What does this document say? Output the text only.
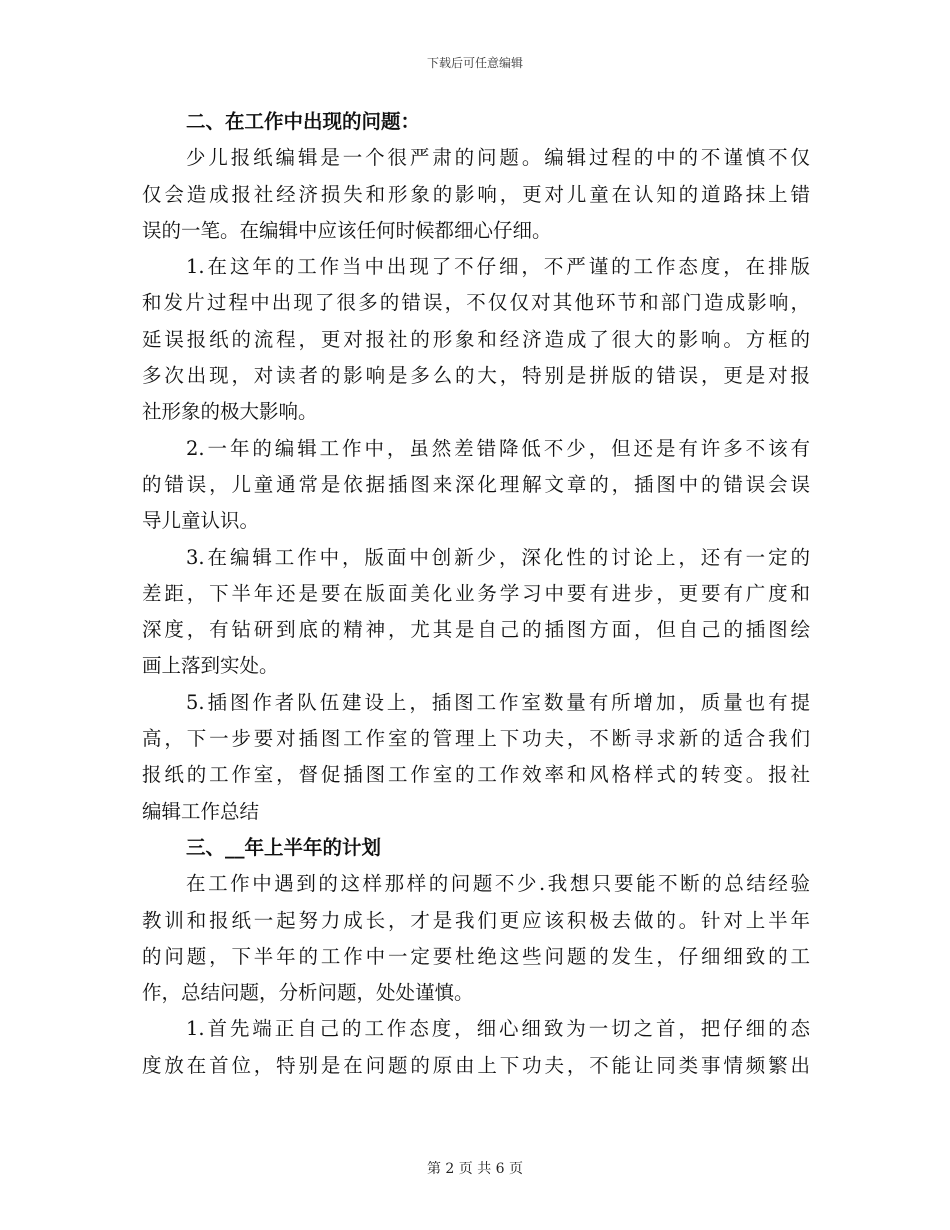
下载后可任意编辑
二、在工作中出现的问题：
少儿报纸编辑是一个很严肃的问题。编辑过程的中的不谨慎不仅
仅会造成报社经济损失和形象的影响，更对儿童在认知的道路抹上错
误的一笔。在编辑中应该任何时候都细心仔细。
1.在这年的工作当中出现了不仔细，不严谨的工作态度，在排版
和发片过程中出现了很多的错误，不仅仅对其他环节和部门造成影响，
延误报纸的流程，更对报社的形象和经济造成了很大的影响。方框的
多次出现，对读者的影响是多么的大，特别是拼版的错误，更是对报
社形象的极大影响。
2.一年的编辑工作中，虽然差错降低不少，但还是有许多不该有
的错误，儿童通常是依据插图来深化理解文章的，插图中的错误会误
导儿童认识。
3.在编辑工作中，版面中创新少，深化性的讨论上，还有一定的
差距，下半年还是要在版面美化业务学习中要有进步，更要有广度和
深度，有钻研到底的精神，尤其是自己的插图方面，但自己的插图绘
画上落到实处。
5.插图作者队伍建设上，插图工作室数量有所增加，质量也有提
高，下一步要对插图工作室的管理上下功夫，不断寻求新的适合我们
报纸的工作室，督促插图工作室的工作效率和风格样式的转变。报社
编辑工作总结
三、__年上半年的计划
在工作中遇到的这样那样的问题不少.我想只要能不断的总结经验
教训和报纸一起努力成长，才是我们更应该积极去做的。针对上半年
的问题，下半年的工作中一定要杜绝这些问题的发生，仔细细致的工
作，总结问题，分析问题，处处谨慎。
1.首先端正自己的工作态度，细心细致为一切之首，把仔细的态
度放在首位，特别是在问题的原由上下功夫，不能让同类事情频繁出
第 2 页 共 6 页
